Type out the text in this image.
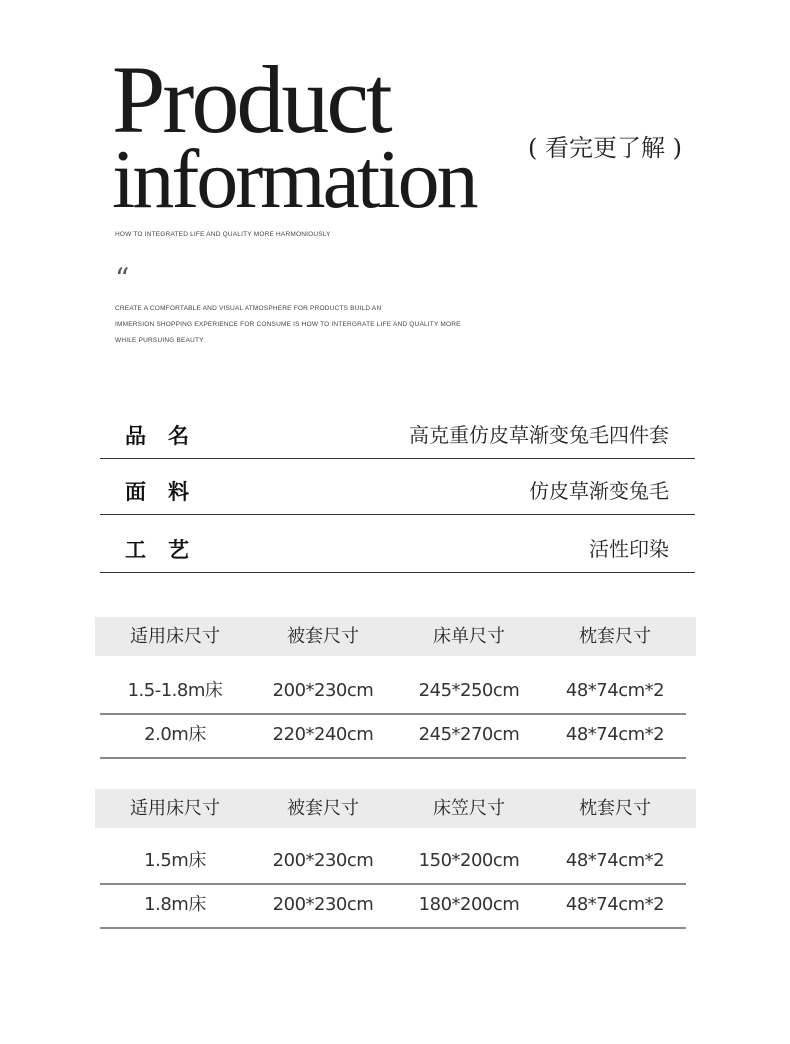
Product
information ( 看完更了解 )
HOW TO INTEGRATED LIFE AND QUALITY MORE HARMONIOUSLY
“
CREATE A COMFORTABLE AND VISUAL ATMOSPHERE FOR PRODUCTS BUILD AN
IMMERSION SHOPPING EXPERIENCE FOR CONSUME IS HOW TO INTERGRATE LIFE AND QUALITY MORE
WHILE PURSUING BEAUTY
品名	高克重仿皮草渐变兔毛四件套
面料	仿皮草渐变兔毛
工艺	活性印染
适用床尺寸	被套尺寸	床单尺寸	枕套尺寸
1.5-1.8m床	200*230cm	245*250cm	48*74cm*2
2.0m床	220*240cm	245*270cm	48*74cm*2
适用床尺寸	被套尺寸	床笠尺寸	枕套尺寸
1.5m床	200*230cm	150*200cm	48*74cm*2
1.8m床	200*230cm	180*200cm	48*74cm*2
